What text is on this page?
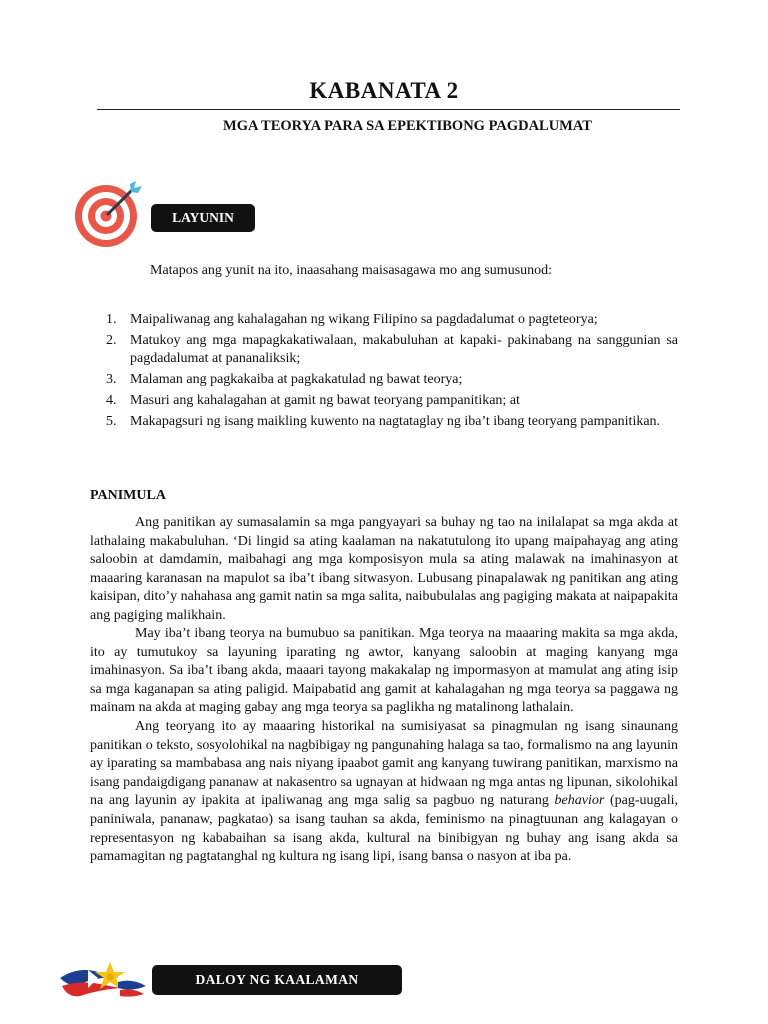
KABANATA 2
MGA TEORYA PARA SA EPEKTIBONG PAGDALUMAT
LAYUNIN

Matapos ang yunit na ito, inaasahang maisasagawa mo ang sumusunod:

1. Maipaliwanag ang kahalagahan ng wikang Filipino sa pagdadalumat o pagteteorya;
2. Matukoy ang mga mapagkakatiwalaan, makabuluhan at kapaki- pakinabang na sanggunian sa pagdadalumat at pananaliksik;
3. Malaman ang pagkakaiba at pagkakatulad ng bawat teorya;
4. Masuri ang kahalagahan at gamit ng bawat teoryang pampanitikan; at
5. Makapagsuri ng isang maikling kuwento na nagtataglay ng iba’t ibang teoryang pampanitikan.
PANIMULA

Ang panitikan ay sumasalamin sa mga pangyayari sa buhay ng tao na inilalapat sa mga akda at lathalaing makabuluhan. ‘Di lingid sa ating kaalaman na nakatutulong ito upang maipahayag ang ating saloobin at damdamin, maibahagi ang mga komposisyon mula sa ating malawak na imahinasyon at maaaring karanasan na mapulot sa iba’t ibang sitwasyon. Lubusang pinapalawak ng panitikan ang ating kaisipan, dito’y nahahasa ang gamit natin sa mga salita, naibubulalas ang pagiging makata at naipapakita ang pagiging malikhain.

May iba’t ibang teorya na bumubuo sa panitikan. Mga teorya na maaaring makita sa mga akda, ito ay tumutukoy sa layuning iparating ng awtor, kanyang saloobin at maging kanyang mga imahinasyon. Sa iba’t ibang akda, maaari tayong makakalap ng impormasyon at mamulat ang ating isip sa mga kaganapan sa ating paligid. Maipabatid ang gamit at kahalagahan ng mga teorya sa paggawa ng mainam na akda at maging gabay ang mga teorya sa paglikha ng matalinong lathalain.

Ang teoryang ito ay maaaring historikal na sumisiyasat sa pinagmulan ng isang sinaunang panitikan o teksto, sosyolohikal na nagbibigay ng pangunahing halaga sa tao, formalismo na ang layunin ay iparating sa mambabasa ang nais niyang ipaabot gamit ang kanyang tuwirang panitikan, marxismo na isang pandaigdigang pananaw at nakasentro sa ugnayan at hidwaan ng mga antas ng lipunan, sikolohikal na ang layunin ay ipakita at ipaliwanag ang mga salig sa pagbuo ng naturang behavior (pag-uugali, paniniwala, pananaw, pagkatao) sa isang tauhan sa akda, feminismo na pinagtuunan ang kalagayan o representasyon ng kababaihan sa isang akda, kultural na binibigyan ng buhay ang isang akda sa pamamagitan ng pagtatanghal ng kultura ng isang lipi, isang bansa o nasyon at iba pa.

DALOY NG KAALAMAN
